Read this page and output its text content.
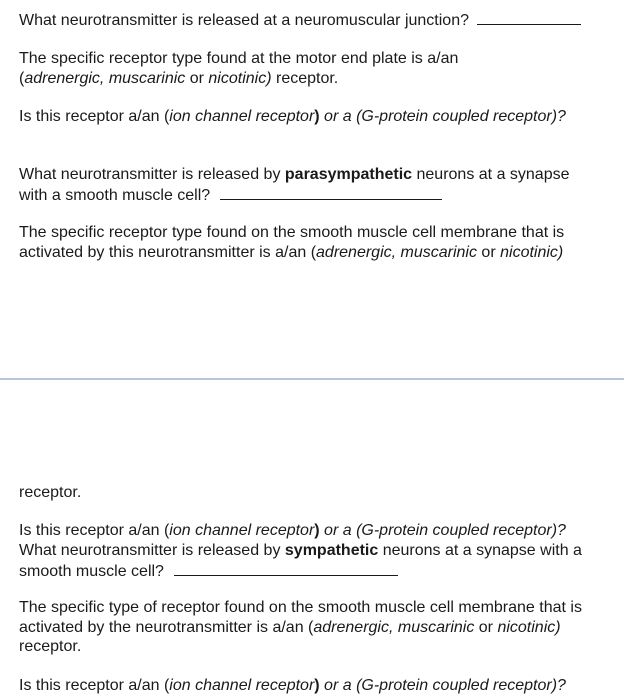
What neurotransmitter is released at a neuromuscular junction?

The specific receptor type found at the motor end plate is a/an
(adrenergic, muscarinic or nicotinic) receptor.

Is this receptor a/an (ion channel receptor) or a (G-protein coupled receptor)?

What neurotransmitter is released by parasympathetic neurons at a synapse
with a smooth muscle cell?

The specific receptor type found on the smooth muscle cell membrane that is
activated by this neurotransmitter is a/an (adrenergic, muscarinic or nicotinic)

receptor.

Is this receptor a/an (ion channel receptor) or a (G-protein coupled receptor)?

What neurotransmitter is released by sympathetic neurons at a synapse with a
smooth muscle cell?

The specific type of receptor found on the smooth muscle cell membrane that is
activated by the neurotransmitter is a/an (adrenergic, muscarinic or nicotinic)
receptor.

Is this receptor a/an (ion channel receptor) or a (G-protein coupled receptor)?
